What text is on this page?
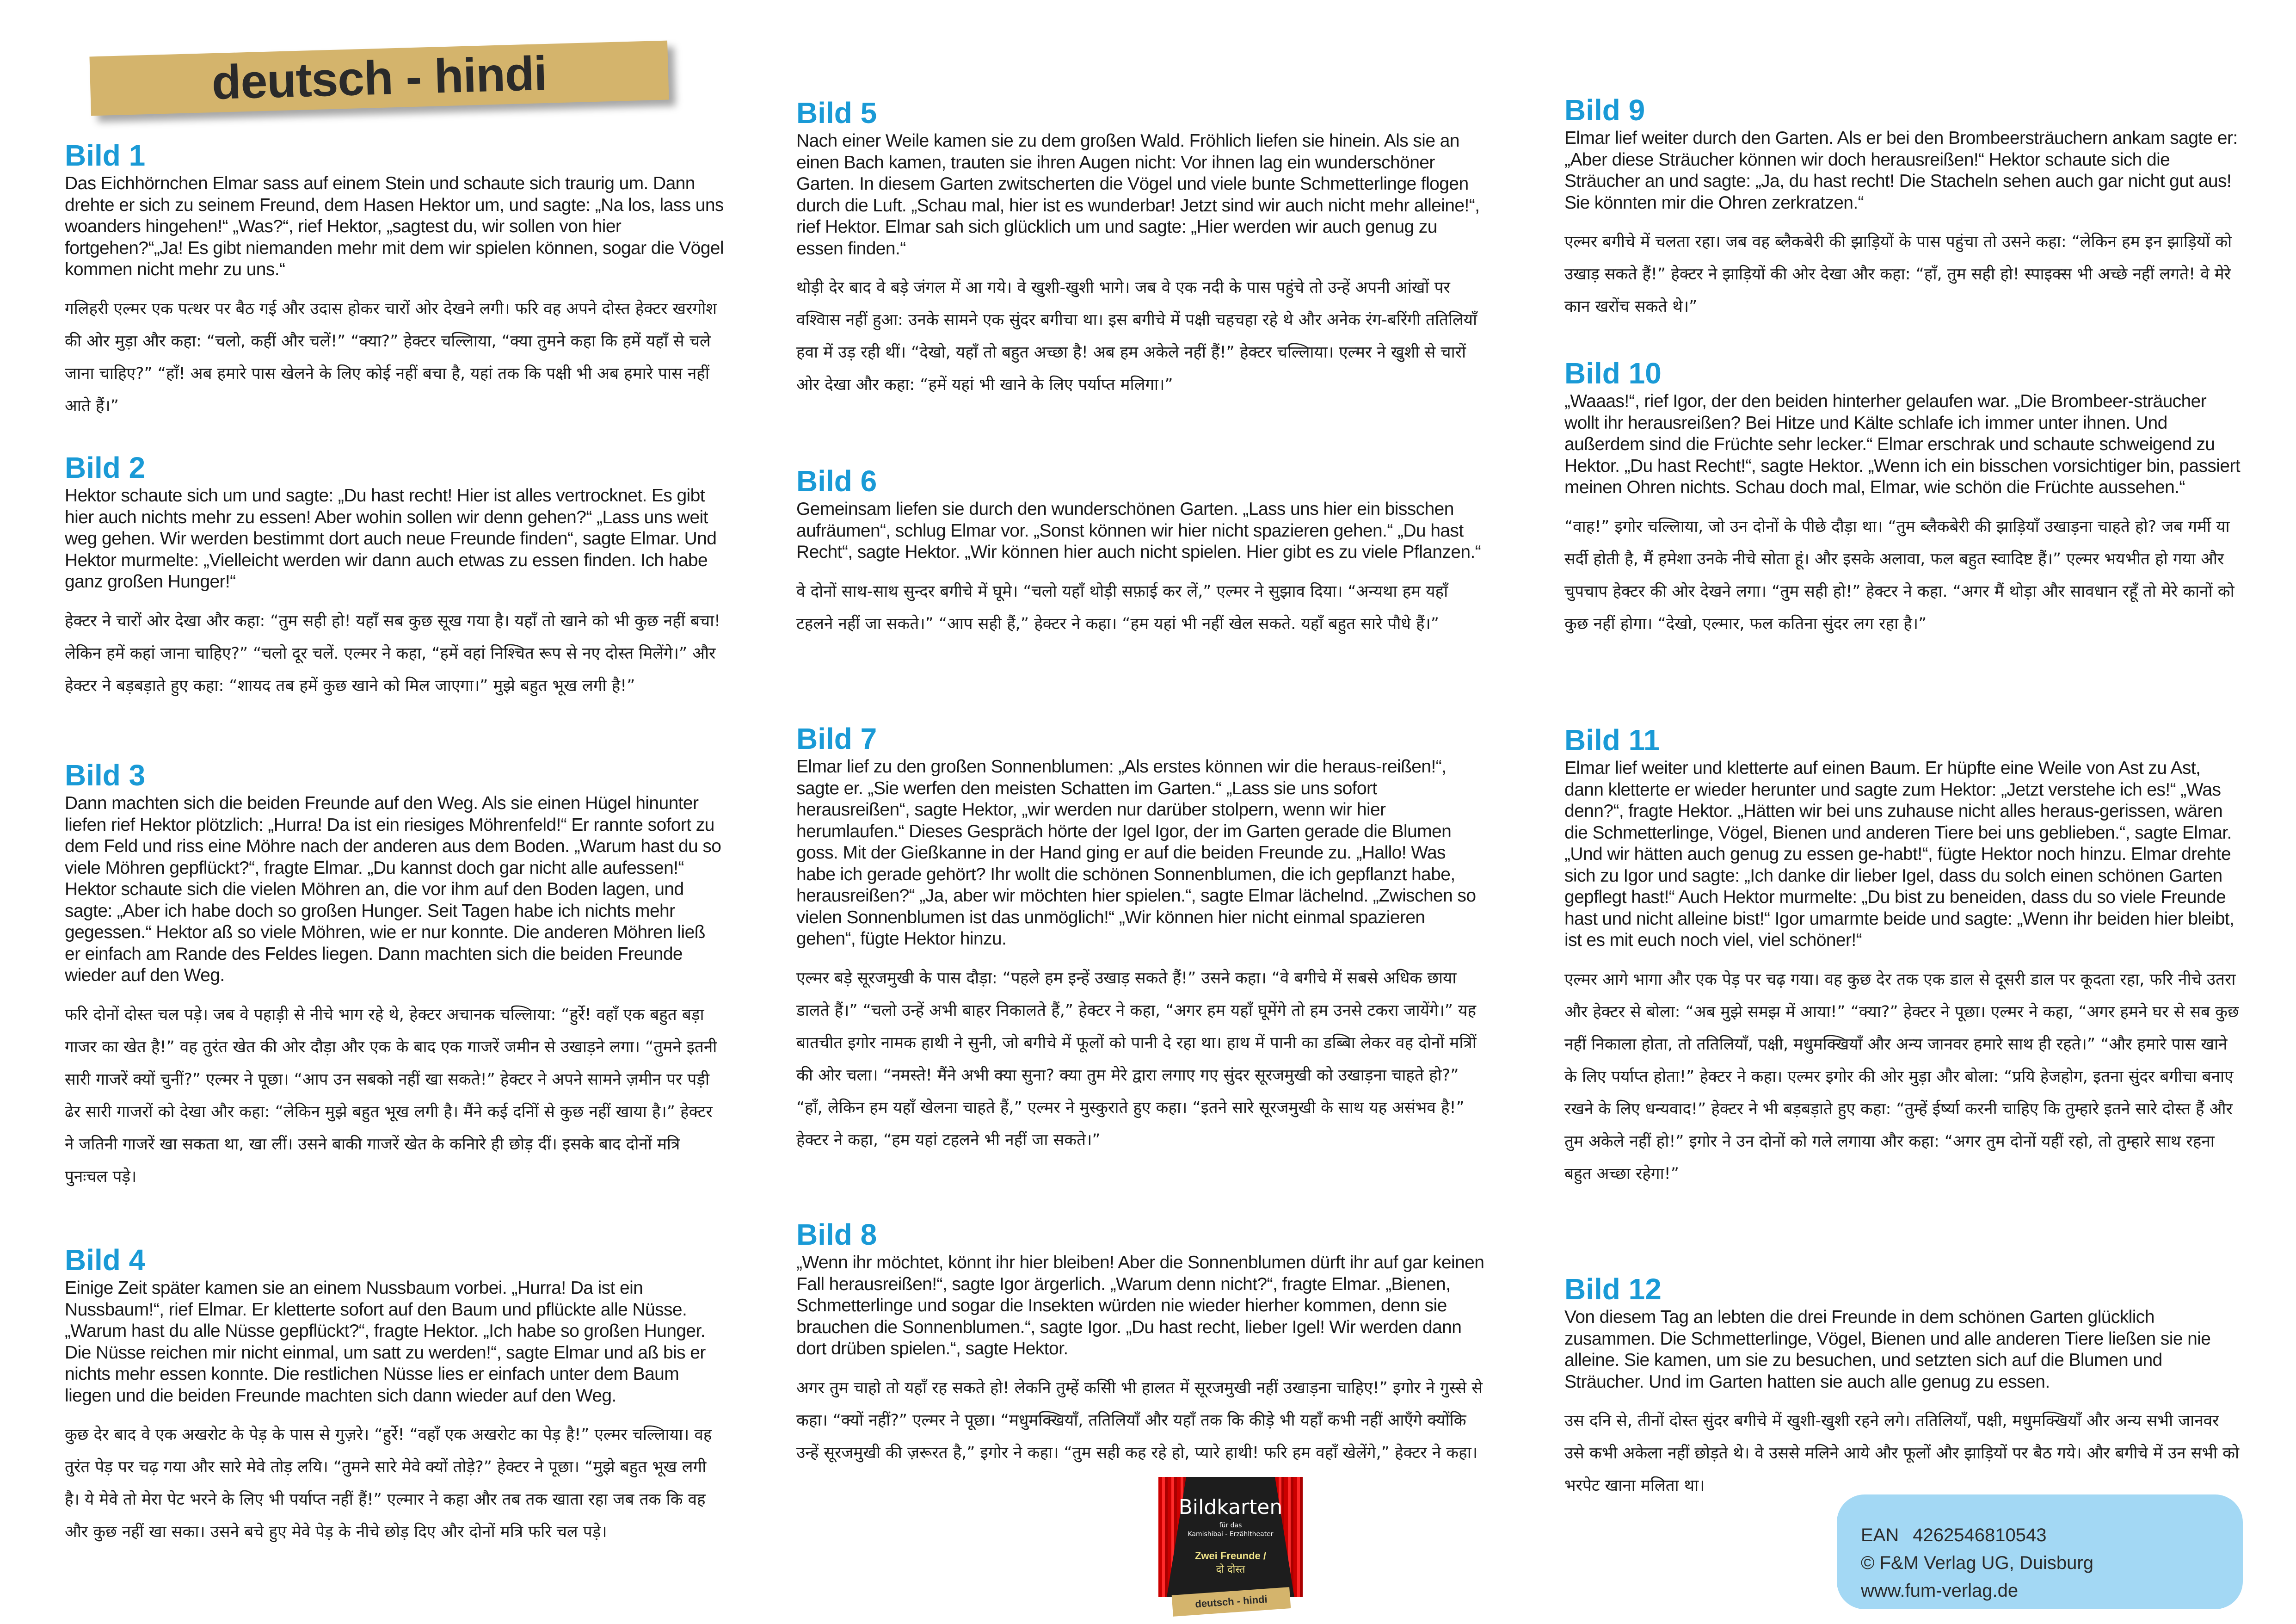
deutsch - hindi
Bild 1

Das Eichhörnchen Elmar sass auf einem Stein und schaute sich traurig um. Dann drehte er sich zu seinem Freund, dem Hasen Hektor um, und sagte: „Na los, lass uns woanders hingehen!“ „Was?“, rief Hektor, „sagtest du, wir sollen von hier fortgehen?“„Ja! Es gibt niemanden mehr mit dem wir spielen können, sogar die Vögel kommen nicht mehr zu uns.“

गलिहरी एल्मर एक पत्थर पर बैठ गई और उदास होकर चारों ओर देखने लगी। फरि वह अपने दोस्त हेक्टर खरगोश की ओर मुड़ा और कहा: “चलो, कहीं और चलें!” “क्या?” हेक्टर चल्लिाया, “क्या तुमने कहा कि हमें यहाँ से चले जाना चाहिए?” “हाँ! अब हमारे पास खेलने के लिए कोई नहीं बचा है, यहां तक कि पक्षी भी अब हमारे पास नहीं आते हैं।”

Bild 2

Hektor schaute sich um und sagte: „Du hast recht! Hier ist alles vertrocknet. Es gibt hier auch nichts mehr zu essen! Aber wohin sollen wir denn gehen?“ „Lass uns weit weg gehen. Wir werden bestimmt dort auch neue Freunde finden“, sagte Elmar. Und Hektor murmelte: „Vielleicht werden wir dann auch etwas zu essen finden. Ich habe ganz großen Hunger!“

हेक्टर ने चारों ओर देखा और कहा: “तुम सही हो! यहाँ सब कुछ सूख गया है। यहाँ तो खाने को भी कुछ नहीं बचा! लेकिन हमें कहां जाना चाहिए?” “चलो दूर चलें. एल्मर ने कहा, “हमें वहां निश्चित रूप से नए दोस्त मिलेंगे।” और हेक्टर ने बड़बड़ाते हुए कहा: “शायद तब हमें कुछ खाने को मिल जाएगा।” मुझे बहुत भूख लगी है!”

Bild 3

Dann machten sich die beiden Freunde auf den Weg. Als sie einen Hügel hinunter liefen rief Hektor plötzlich: „Hurra! Da ist ein riesiges Möhrenfeld!“ Er rannte sofort zu dem Feld und riss eine Möhre nach der anderen aus dem Boden. „Warum hast du so viele Möhren gepflückt?“, fragte Elmar. „Du kannst doch gar nicht alle aufessen!“ Hektor schaute sich die vielen Möhren an, die vor ihm auf den Boden lagen, und sagte: „Aber ich habe doch so großen Hunger. Seit Tagen habe ich nichts mehr gegessen.“ Hektor aß so viele Möhren, wie er nur konnte. Die anderen Möhren ließ er einfach am Rande des Feldes liegen. Dann machten sich die beiden Freunde wieder auf den Weg.

फरि दोनों दोस्त चल पड़े। जब वे पहाड़ी से नीचे भाग रहे थे, हेक्टर अचानक चल्लिाया: “हुर्रे! वहाँ एक बहुत बड़ा गाजर का खेत है!” वह तुरंत खेत की ओर दौड़ा और एक के बाद एक गाजरें जमीन से उखाड़ने लगा। “तुमने इतनी सारी गाजरें क्यों चुनीं?” एल्मर ने पूछा। “आप उन सबको नहीं खा सकते!” हेक्टर ने अपने सामने ज़मीन पर पड़ी ढेर सारी गाजरों को देखा और कहा: “लेकिन मुझे बहुत भूख लगी है। मैंने कई दनिों से कुछ नहीं खाया है।” हेक्टर ने जतिनी गाजरें खा सकता था, खा लीं। उसने बाकी गाजरें खेत के कनिारे ही छोड़ दीं। इसके बाद दोनों मत्रि पुनःचल पड़े।

Bild 4

Einige Zeit später kamen sie an einem Nussbaum vorbei. „Hurra! Da ist ein Nussbaum!“, rief Elmar. Er kletterte sofort auf den Baum und pflückte alle Nüsse. „Warum hast du alle Nüsse gepflückt?“, fragte Hektor. „Ich habe so großen Hunger. Die Nüsse reichen mir nicht einmal, um satt zu werden!“, sagte Elmar und aß bis er nichts mehr essen konnte. Die restlichen Nüsse lies er einfach unter dem Baum liegen und die beiden Freunde machten sich dann wieder auf den Weg.

कुछ देर बाद वे एक अखरोट के पेड़ के पास से गुज़रे। “हुर्रे! “वहाँ एक अखरोट का पेड़ है!” एल्मर चल्लिाया। वह तुरंत पेड़ पर चढ़ गया और सारे मेवे तोड़ लयि। “तुमने सारे मेवे क्यों तोड़े?” हेक्टर ने पूछा। “मुझे बहुत भूख लगी है। ये मेवे तो मेरा पेट भरने के लिए भी पर्याप्त नहीं हैं!” एल्मार ने कहा और तब तक खाता रहा जब तक कि वह और कुछ नहीं खा सका। उसने बचे हुए मेवे पेड़ के नीचे छोड़ दिए और दोनों मत्रि फरि चल पड़े।

Bild 5

Nach einer Weile kamen sie zu dem großen Wald. Fröhlich liefen sie hinein. Als sie an einen Bach kamen, trauten sie ihren Augen nicht: Vor ihnen lag ein wunderschöner Garten. In diesem Garten zwitscherten die Vögel und viele bunte Schmetterlinge flogen durch die Luft. „Schau mal, hier ist es wunderbar! Jetzt sind wir auch nicht mehr alleine!“, rief Hektor. Elmar sah sich glücklich um und sagte: „Hier werden wir auch genug zu essen finden.“

थोड़ी देर बाद वे बड़े जंगल में आ गये। वे खुशी-खुशी भागे। जब वे एक नदी के पास पहुंचे तो उन्हें अपनी आंखों पर वश्विास नहीं हुआ: उनके सामने एक सुंदर बगीचा था। इस बगीचे में पक्षी चहचहा रहे थे और अनेक रंग-बरिंगी ततिलियाँ हवा में उड़ रही थीं। “देखो, यहाँ तो बहुत अच्छा है! अब हम अकेले नहीं हैं!” हेक्टर चल्लिाया। एल्मर ने खुशी से चारों ओर देखा और कहा: “हमें यहां भी खाने के लिए पर्याप्त मलिगा।”

Bild 6

Gemeinsam liefen sie durch den wunderschönen Garten. „Lass uns hier ein bisschen aufräumen“, schlug Elmar vor. „Sonst können wir hier nicht spazieren gehen.“ „Du hast Recht“, sagte Hektor. „Wir können hier auch nicht spielen. Hier gibt es zu viele Pflanzen.“

वे दोनों साथ-साथ सुन्दर बगीचे में घूमे। “चलो यहाँ थोड़ी सफ़ाई कर लें,” एल्मर ने सुझाव दिया। “अन्यथा हम यहाँ टहलने नहीं जा सकते।” “आप सही हैं,” हेक्टर ने कहा। “हम यहां भी नहीं खेल सकते. यहाँ बहुत सारे पौधे हैं।”

Bild 7

Elmar lief zu den großen Sonnenblumen: „Als erstes können wir die heraus-reißen!“, sagte er. „Sie werfen den meisten Schatten im Garten.“ „Lass sie uns sofort herausreißen“, sagte Hektor, „wir werden nur darüber stolpern, wenn wir hier herumlaufen.“ Dieses Gespräch hörte der Igel Igor, der im Garten gerade die Blumen goss. Mit der Gießkanne in der Hand ging er auf die beiden Freunde zu. „Hallo! Was habe ich gerade gehört? Ihr wollt die schönen Sonnenblumen, die ich gepflanzt habe, herausreißen?“ „Ja, aber wir möchten hier spielen.“, sagte Elmar lächelnd. „Zwischen so vielen Sonnenblumen ist das unmöglich!“ „Wir können hier nicht einmal spazieren gehen“, fügte Hektor hinzu.

एल्मर बड़े सूरजमुखी के पास दौड़ा: “पहले हम इन्हें उखाड़ सकते हैं!” उसने कहा। “वे बगीचे में सबसे अधिक छाया डालते हैं।” “चलो उन्हें अभी बाहर निकालते हैं,” हेक्टर ने कहा, “अगर हम यहाँ घूमेंगे तो हम उनसे टकरा जायेंगे।” यह बातचीत इगोर नामक हाथी ने सुनी, जो बगीचे में फूलों को पानी दे रहा था। हाथ में पानी का डब्बिा लेकर वह दोनों मत्रिों की ओर चला। “नमस्ते! मैंने अभी क्या सुना? क्या तुम मेरे द्वारा लगाए गए सुंदर सूरजमुखी को उखाड़ना चाहते हो?” “हाँ, लेकिन हम यहाँ खेलना चाहते हैं,” एल्मर ने मुस्कुराते हुए कहा। “इतने सारे सूरजमुखी के साथ यह असंभव है!” हेक्टर ने कहा, “हम यहां टहलने भी नहीं जा सकते।”

Bild 8

„Wenn ihr möchtet, könnt ihr hier bleiben! Aber die Sonnenblumen dürft ihr auf gar keinen Fall herausreißen!“, sagte Igor ärgerlich. „Warum denn nicht?“, fragte Elmar. „Bienen, Schmetterlinge und sogar die Insekten würden nie wieder hierher kommen, denn sie brauchen die Sonnenblumen.“, sagte Igor. „Du hast recht, lieber Igel! Wir werden dann dort drüben spielen.“, sagte Hektor.

अगर तुम चाहो तो यहाँ रह सकते हो! लेकनि तुम्हें कसिी भी हालत में सूरजमुखी नहीं उखाड़ना चाहिए!” इगोर ने गुस्से से कहा। “क्यों नहीं?” एल्मर ने पूछा। “मधुमक्खियाँ, ततिलियाँ और यहाँ तक कि कीड़े भी यहाँ कभी नहीं आएँगे क्योंकि उन्हें सूरजमुखी की ज़रूरत है,” इगोर ने कहा। “तुम सही कह रहे हो, प्यारे हाथी! फरि हम वहाँ खेलेंगे,” हेक्टर ने कहा।

Bild 9

Elmar lief weiter durch den Garten. Als er bei den Brombeersträuchern ankam sagte er: „Aber diese Sträucher können wir doch herausreißen!“ Hektor schaute sich die Sträucher an und sagte: „Ja, du hast recht! Die Stacheln sehen auch gar nicht gut aus! Sie könnten mir die Ohren zerkratzen.“

एल्मर बगीचे में चलता रहा। जब वह ब्लैकबेरी की झाड़ियों के पास पहुंचा तो उसने कहा: “लेकिन हम इन झाड़ियों को उखाड़ सकते हैं!” हेक्टर ने झाड़ियों की ओर देखा और कहा: “हाँ, तुम सही हो! स्पाइक्स भी अच्छे नहीं लगते! वे मेरे कान खरोंच सकते थे।”

Bild 10

„Waaas!“, rief Igor, der den beiden hinterher gelaufen war. „Die Brombeer-sträucher wollt ihr herausreißen? Bei Hitze und Kälte schlafe ich immer unter ihnen. Und außerdem sind die Früchte sehr lecker.“ Elmar erschrak und schaute schweigend zu Hektor. „Du hast Recht!“, sagte Hektor. „Wenn ich ein bisschen vorsichtiger bin, passiert meinen Ohren nichts. Schau doch mal, Elmar, wie schön die Früchte aussehen.“

“वाह!” इगोर चल्लिाया, जो उन दोनों के पीछे दौड़ा था। “तुम ब्लैकबेरी की झाड़ियाँ उखाड़ना चाहते हो? जब गर्मी या सर्दी होती है, मैं हमेशा उनके नीचे सोता हूं। और इसके अलावा, फल बहुत स्वादिष्ट हैं।” एल्मर भयभीत हो गया और चुपचाप हेक्टर की ओर देखने लगा। “तुम सही हो!” हेक्टर ने कहा. “अगर मैं थोड़ा और सावधान रहूँ तो मेरे कानों को कुछ नहीं होगा। “देखो, एल्मार, फल कतिना सुंदर लग रहा है।”

Bild 11

Elmar lief weiter und kletterte auf einen Baum. Er hüpfte eine Weile von Ast zu Ast, dann kletterte er wieder herunter und sagte zum Hektor: „Jetzt verstehe ich es!“ „Was denn?“, fragte Hektor. „Hätten wir bei uns zuhause nicht alles heraus-gerissen, wären die Schmetterlinge, Vögel, Bienen und anderen Tiere bei uns geblieben.“, sagte Elmar. „Und wir hätten auch genug zu essen ge-habt!“, fügte Hektor noch hinzu. Elmar drehte sich zu Igor und sagte: „Ich danke dir lieber Igel, dass du solch einen schönen Garten gepflegt hast!“ Auch Hektor murmelte: „Du bist zu beneiden, dass du so viele Freunde hast und nicht alleine bist!“ Igor umarmte beide und sagte: „Wenn ihr beiden hier bleibt, ist es mit euch noch viel, viel schöner!“

एल्मर आगे भागा और एक पेड़ पर चढ़ गया। वह कुछ देर तक एक डाल से दूसरी डाल पर कूदता रहा, फरि नीचे उतरा और हेक्टर से बोला: “अब मुझे समझ में आया!” “क्या?” हेक्टर ने पूछा। एल्मर ने कहा, “अगर हमने घर से सब कुछ नहीं निकाला होता, तो ततिलियाँ, पक्षी, मधुमक्खियाँ और अन्य जानवर हमारे साथ ही रहते।” “और हमारे पास खाने के लिए पर्याप्त होता!” हेक्टर ने कहा। एल्मर इगोर की ओर मुड़ा और बोला: “प्रयि हेजहोग, इतना सुंदर बगीचा बनाए रखने के लिए धन्यवाद!” हेक्टर ने भी बड़बड़ाते हुए कहा: “तुम्हें ईर्ष्या करनी चाहिए कि तुम्हारे इतने सारे दोस्त हैं और तुम अकेले नहीं हो!” इगोर ने उन दोनों को गले लगाया और कहा: “अगर तुम दोनों यहीं रहो, तो तुम्हारे साथ रहना बहुत अच्छा रहेगा!”

Bild 12

Von diesem Tag an lebten die drei Freunde in dem schönen Garten glücklich zusammen. Die Schmetterlinge, Vögel, Bienen und alle anderen Tiere ließen sie nie alleine. Sie kamen, um sie zu besuchen, und setzten sich auf die Blumen und Sträucher. Und im Garten hatten sie auch alle genug zu essen.

उस दनि से, तीनों दोस्त सुंदर बगीचे में खुशी-खुशी रहने लगे। ततिलियाँ, पक्षी, मधुमक्खियाँ और अन्य सभी जानवर उसे कभी अकेला नहीं छोड़ते थे। वे उससे मलिने आये और फूलों और झाड़ियों पर बैठ गये। और बगीचे में उन सभी को भरपेट खाना मलिता था।

Bildkarten
für das
Kamishibai - Erzähltheater
Zwei Freunde /
दो दोस्त
deutsch - hindi
EAN 4262546810543
© F&M Verlag UG, Duisburg
www.fum-verlag.de
